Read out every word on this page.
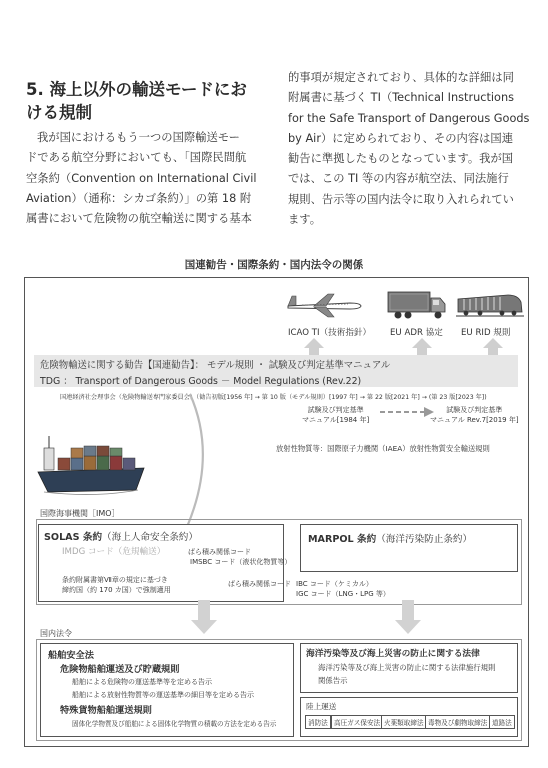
5. 海上以外の輸送モードにお
ける規制
我が国におけるもう一つの国際輸送モー
ドである航空分野においても、「国際民間航
空条約（Convention on International Civil
Aviation）（通称：シカゴ条約）」の第 18 附
属書において危険物の航空輸送に関する基本
的事項が規定されており、具体的な詳細は同
附属書に基づく TI（Technical Instructions
for the Safe Transport of Dangerous Goods
by Air）に定められており、その内容は国連
勧告に準拠したものとなっています。我が国
では、この TI 等の内容が航空法、同法施行
規則、告示等の国内法令に取り入れられてい
ます。
国連勧告・国際条約・国内法令の関係
ICAO TI（技術指針） EU ADR 協定 EU RID 規則
危険物輸送に関する勧告【国連勧告】： モデル規則 ・ 試験及び判定基準マニュアル
TDG ： Transport of Dangerous Goods － Model Regulations (Rev.22)
国連経済社会理事会（危険物輸送専門家委員会）（勧告初版[1956 年] → 第 10 版（モデル規則）[1997 年] → 第 22 版[2021 年] → (第 23 版[2023 年])
試験及び判定基準
マニュアル[1984 年]
試験及び判定基準
マニュアル Rev.7[2019 年]
放射性物質等：国際原子力機関（IAEA）放射性物質安全輸送規則
国際海事機関［IMO］
SOLAS 条約（海上人命安全条約）
IMDG コード（危規輸送）	ばら積み関係コード
IMSBC コード（液状化物質等）
条約附属書第Ⅶ章の規定に基づき
締約国（約 170 カ国）で強制適用
ばら積み関係コード IBC コード（ケミカル）
IGC コード（LNG・LPG 等）
MARPOL 条約（海洋汚染防止条約）
国内法令
船舶安全法
危険物船舶運送及び貯蔵規則
船舶による危険物の運送基準等を定める告示
船舶による放射性物質等の運送基準の細目等を定める告示
特殊貨物船舶運送規則
固体化学物質及び船舶による固体化学物質の積載の方法を定める告示
海洋汚染等及び海上災害の防止に関する法律
海洋汚染等及び海上災害の防止に関する法律施行規則
関係告示
陸上運送
消防法 高圧ガス保安法 火薬類取締法 毒物及び劇物取締法 道路法
